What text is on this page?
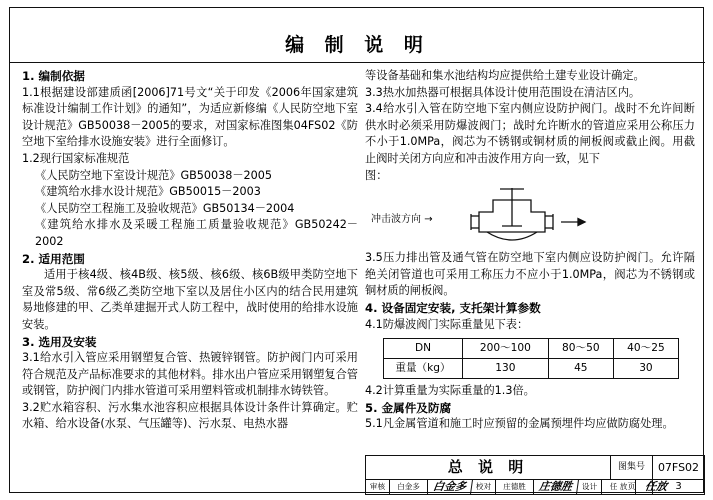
编 制 说 明
1. 编制依据
1.1根据建设部建质函[2006]71号文“关于印发《2006年国家建筑标准设计编制工作计划》的通知”，为适应新修编《人民防空地下室设计规范》GB50038－2005的要求，对国家标准图集04FS02《防空地下室给排水设施安装》进行全面修订。
1.2现行国家标准规范
《人民防空地下室设计规范》GB50038－2005
《建筑给水排水设计规范》GB50015－2003
《人民防空工程施工及验收规范》GB50134－2004
《建筑给水排水及采暖工程施工质量验收规范》GB50242－2002
2. 适用范围
适用于核4级、核4B级、核5级、核6级、核6B级甲类防空地下室及常5级、常6级乙类防空地下室以及居住小区内的结合民用建筑易地修建的甲、乙类单建掘开式人防工程中，战时使用的给排水设施安装。
3. 选用及安装
3.1给水引入管应采用钢塑复合管、热镀锌钢管。防护阀门内可采用符合规范及产品标准要求的其他材料。排水出户管应采用钢塑复合管或钢管，防护阀门内排水管道可采用塑料管或机制排水铸铁管。
3.2贮水箱容积、污水集水池容积应根据具体设计条件计算确定。贮水箱、给水设备(水泵、气压罐等)、污水泵、电热水器
等设备基础和集水池结构均应提供给土建专业设计确定。
3.3热水加热器可根据具体设计使用范围设在清洁区内。
3.4给水引入管在防空地下室内侧应设防护阀门。战时不允许间断供水时必须采用防爆波阀门；战时允许断水的管道应采用公称压力不小于1.0MPa，阀芯为不锈钢或铜材质的闸板阀或截止阀。用截止阀时关闭方向应和冲击波作用方向一致，见下
图：
冲击波方向 →
3.5压力排出管及通气管在防空地下室内侧应设防护阀门。允许隔绝关闭管道也可采用工称压力不应小于1.0MPa，阀芯为不锈钢或铜材质的闸板阀。
4. 设备固定安装, 支托架计算参数
4.1防爆波阀门实际重量见下表：
DN	200～100	80～50	40～25
重量（kg）	130	45	30
4.2计算重量为实际重量的1.3倍。
5. 金属件及防腐
5.1凡金属管道和施工时应预留的金属预埋件均应做防腐处理。
总 说 明	图集号	07FS02
审核	白金多	白金多	校对	庄德胜	庄德胜	设计	任 放	任放
页	3
